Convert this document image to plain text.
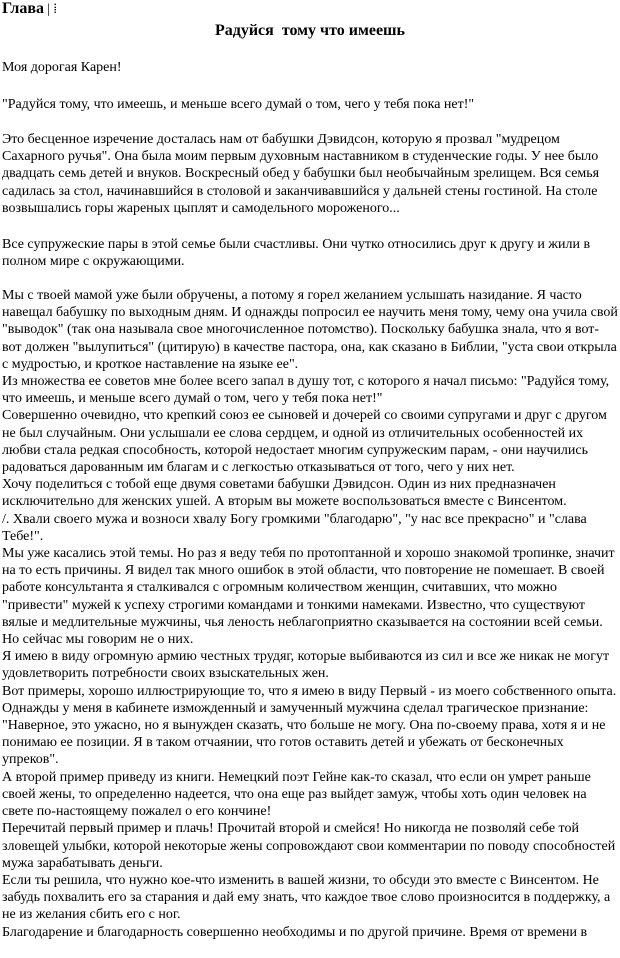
Глава | ⁞
Радуйся  тому что имеешь
Моя дорогая Карен!
"Радуйся тому, что имеешь, и меньше всего думай о том, чего у тебя пока нет!"

Это бесценное изречение досталась нам от бабушки Дэвидсон, которую я прозвал "мудрецом Сахарного ручья". Она была моим первым духовным наставником в студенческие годы. У нее было двадцать семь детей и внуков. Воскресный обед у бабушки был необычайным зрелищем. Вся семья садилась за стол, начинавшийся в столовой и заканчивавшийся у дальней стены гостиной. На столе возвышались горы жареных цыплят и самодельного мороженого...

Все супружеские пары в этой семье были счастливы. Они чутко относились друг к другу и жили в полном мире с окружающими.

Мы с твоей мамой уже были обручены, а потому я горел желанием услышать назидание. Я часто навещал бабушку по выходным дням. И однажды попросил ее научить меня тому, чему она учила свой "выводок" (так она называла свое многочисленное потомство). Поскольку бабушка знала, что я вот-вот должен "вылупиться" (цитирую) в качестве пастора, она, как сказано в Библии, "уста свои открыла с мудростью, и кроткое наставление на языке ее".

Из множества ее советов мне более всего запал в душу тот, с которого я начал письмо: "Радуйся тому, что имеешь, и меньше всего думай о том, чего у тебя пока нет!"

Совершенно очевидно, что крепкий союз ее сыновей и дочерей со своими супругами и друг с другом не был случайным. Они услышали ее слова сердцем, и одной из отличительных особенностей их любви стала редкая способность, которой недостает многим супружеским парам, - они научились радоваться дарованным им благам и с легкостью отказываться от того, чего у них нет.

Хочу поделиться с тобой еще двумя советами бабушки Дэвидсон. Один из них предназначен исключительно для женских ушей. А вторым вы можете воспользоваться вместе с Винсентом.

/. Хвали своего мужа и возноси хвалу Богу громкими "благодарю", "у нас все прекрасно" и "слава Тебе!".

Мы уже касались этой темы. Но раз я веду тебя по протоптанной и хорошо знакомой тропинке, значит на то есть причины. Я видел так много ошибок в этой области, что повторение не помешает. В своей работе консультанта я сталкивался с огромным количеством женщин, считавших, что можно "привести" мужей к успеху строгими командами и тонкими намеками. Известно, что существуют вялые и медлительные мужчины, чья леность неблагоприятно сказывается на состоянии всей семьи. Но сейчас мы говорим не о них.

Я имею в виду огромную армию честных трудяг, которые выбиваются из сил и все же никак не могут удовлетворить потребности своих взыскательных жен.

Вот примеры, хорошо иллюстрирующие то, что я имею в виду Первый - из моего собственного опыта.

Однажды у меня в кабинете изможденный и замученный мужчина сделал трагическое признание: "Наверное, это ужасно, но я вынужден сказать, что больше не могу. Она по-своему права, хотя я и не понимаю ее позиции. Я в таком отчаянии, что готов оставить детей и убежать от бесконечных упреков".

А второй пример приведу из книги. Немецкий поэт Гейне как-то сказал, что если он умрет раньше своей жены, то определенно надеется, что она еще раз выйдет замуж, чтобы хоть один человек на свете по-настоящему пожалел о его кончине!

Перечитай первый пример и плачь! Прочитай второй и смейся! Но никогда не позволяй себе той зловещей улыбки, которой некоторые жены сопровождают свои комментарии по поводу способностей мужа зарабатывать деньги.

Если ты решила, что нужно кое-что изменить в вашей жизни, то обсуди это вместе с Винсентом. Не забудь похвалить его за старания и дай ему знать, что каждое твое слово произносится в поддержку, а не из желания сбить его с ног.

Благодарение и благодарность совершенно необходимы и по другой причине. Время от времени в
